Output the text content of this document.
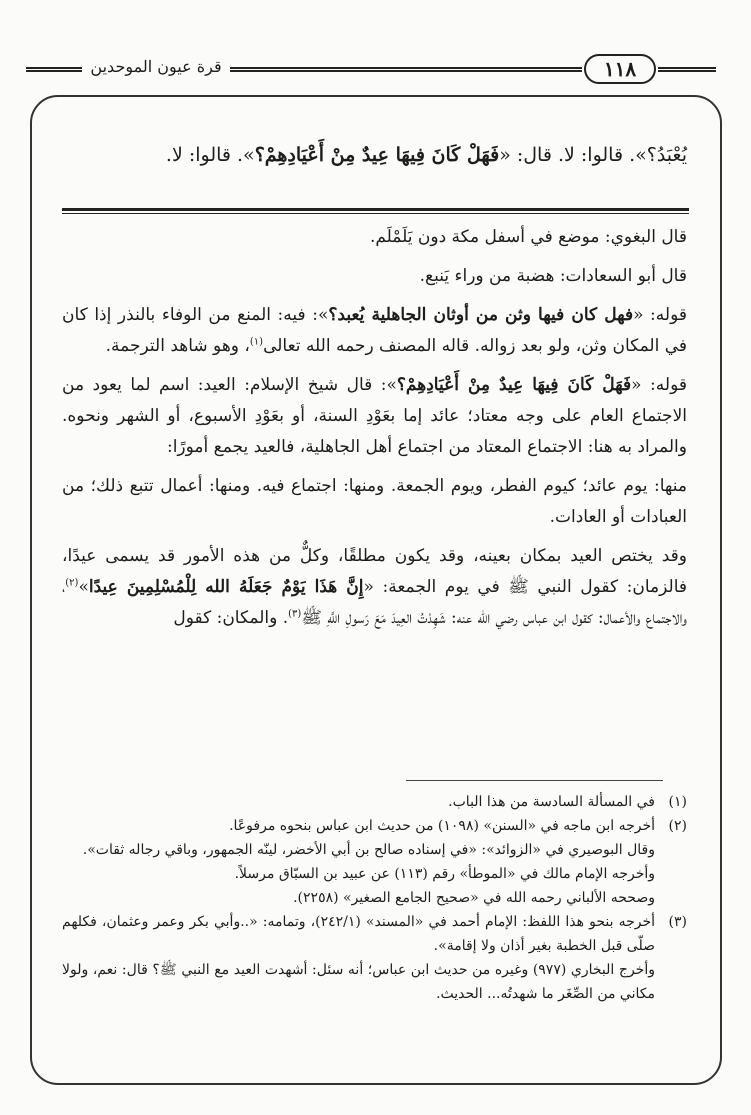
قرة عيون الموحدين	١١٨
يُعْبَدُ؟». قالوا: لا. قال: «فَهَلْ كَانَ فِيهَا عِيدٌ مِنْ أَعْيَادِهِمْ؟». قالوا: لا.

قال البغوي: موضع في أسفل مكة دون يَلَمْلَم.

قال أبو السعادات: هضبة من وراء يَنبع.

قوله: «فهل كان فيها وثن من أوثان الجاهلية يُعبد؟»: فيه: المنع من الوفاء بالنذر إذا كان في المكان وثن، ولو بعد زواله. قاله المصنف رحمه الله تعالى$^{(١)}$، وهو شاهد الترجمة.

قوله: «فَهَلْ كَانَ فِيهَا عِيدٌ مِنْ أَعْيَادِهِمْ؟»: قال شيخ الإسلام: العيد: اسم لما يعود من الاجتماع العام على وجه معتاد؛ عائد إما بعَوْدِ السنة، أو بعَوْدِ الأسبوع، أو الشهر ونحوه. والمراد به هنا: الاجتماع المعتاد من اجتماع أهل الجاهلية، فالعيد يجمع أمورًا:

منها: يوم عائد؛ كيوم الفطر، ويوم الجمعة. ومنها: اجتماع فيه. ومنها: أعمال تتبع ذلك؛ من العبادات أو العادات.

وقد يختص العيد بمكان بعينه، وقد يكون مطلقًا، وكلٌّ من هذه الأمور قد يسمى عيدًا، فالزمان: كقول النبي ﷺ في يوم الجمعة: «إِنَّ هَذَا يَوْمٌ جَعَلَهُ الله لِلْمُسْلِمِينَ عِيدًا»$^{(٢)}$، والاجتماع والأعمال: كقول ابن عباس رضي الله عنه: شَهِدْتُ العِيدَ مَعَ رَسولِ اللَّهِ ﷺ$^{(٣)}$. والمكان: كقول

(١)
في المسألة السادسة من هذا الباب.
(٢)
أخرجه ابن ماجه في «السنن» (١٠٩٨) من حديث ابن عباس بنحوه مرفوعًا.
وقال البوصيري في «الزوائد»: «في إسناده صالح بن أبي الأخضر، لينّه الجمهور، وباقي رجاله ثقات».
وأخرجه الإمام مالك في «الموطأ» رقم (١١٣) عن عبيد بن السبّاق مرسلاً.
وصححه الألباني رحمه الله في «صحيح الجامع الصغير» (٢٢٥٨).
(٣)
أخرجه بنحو هذا اللفظ: الإمام أحمد في «المسند» (٢٤٢/١)، وتمامه: «..وأبي بكر وعمر وعثمان، فكلهم صلّى قبل الخطبة بغير أذان ولا إقامة».
وأخرج البخاري (٩٧٧) وغيره من حديث ابن عباس؛ أنه سئل: أشهدت العيد مع النبي ﷺ؟ قال: نعم، ولولا مكاني من الصِّغَر ما شهدتُه... الحديث.
